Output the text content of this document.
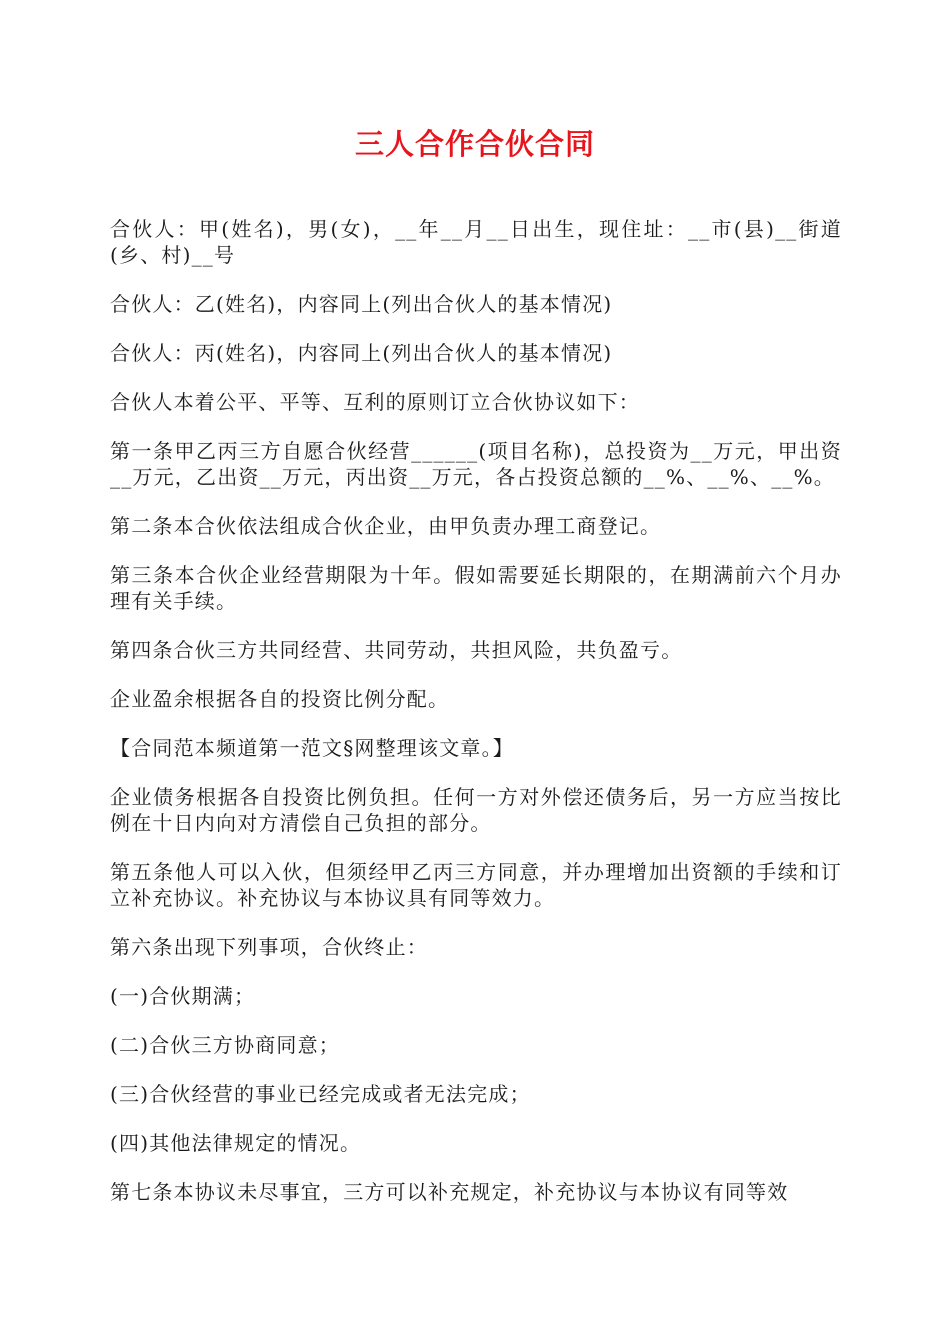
三人合作合伙合同

合伙人：甲(姓名)，男(女)，__年__月__日出生，现住址：__市(县)__街道(乡、村)__号

合伙人：乙(姓名)，内容同上(列出合伙人的基本情况)

合伙人：丙(姓名)，内容同上(列出合伙人的基本情况)

合伙人本着公平、平等、互利的原则订立合伙协议如下：

第一条甲乙丙三方自愿合伙经营______(项目名称)，总投资为__万元，甲出资__万元，乙出资__万元，丙出资__万元，各占投资总额的__%、__%、__%。

第二条本合伙依法组成合伙企业，由甲负责办理工商登记。

第三条本合伙企业经营期限为十年。假如需要延长期限的，在期满前六个月办理有关手续。

第四条合伙三方共同经营、共同劳动，共担风险，共负盈亏。

企业盈余根据各自的投资比例分配。

【合同范本频道第一范文§网整理该文章。】

企业债务根据各自投资比例负担。任何一方对外偿还债务后，另一方应当按比例在十日内向对方清偿自己负担的部分。

第五条他人可以入伙，但须经甲乙丙三方同意，并办理增加出资额的手续和订立补充协议。补充协议与本协议具有同等效力。

第六条出现下列事项，合伙终止：

(一)合伙期满；

(二)合伙三方协商同意；

(三)合伙经营的事业已经完成或者无法完成；

(四)其他法律规定的情况。

第七条本协议未尽事宜，三方可以补充规定，补充协议与本协议有同等效
